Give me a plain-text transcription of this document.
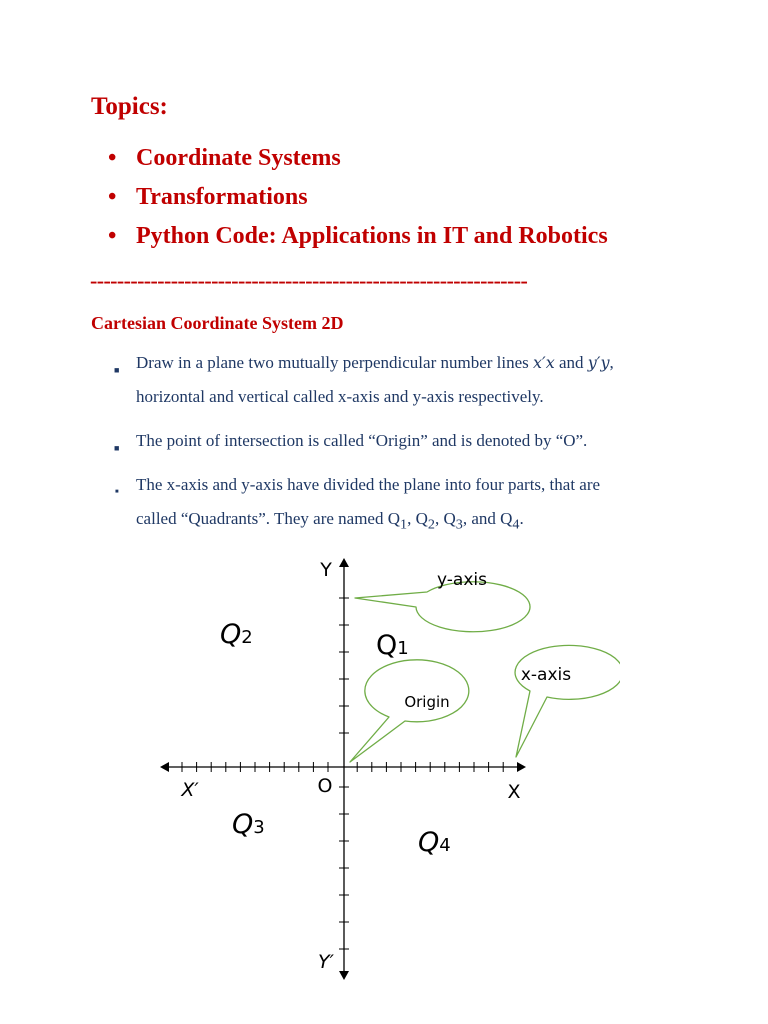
Topics:
• Coordinate Systems
• Transformations
• Python Code: Applications in IT and Robotics
-----------------------------------------------------------------
Cartesian Coordinate System 2D
■ Draw in a plane two mutually perpendicular number lines x′x and y′y,
horizontal and vertical called x-axis and y-axis respectively.
■ The point of intersection is called “Origin” and is denoted by “O”.
■ The x-axis and y-axis have divided the plane into four parts, that are
called “Quadrants”. They are named $Q_1$, $Q_2$, $Q_3$, and $Q_4$.
Y
Y′
X
X′	O
Q2	Q1
Q3	Q4
y-axis
x-axis
Origin
